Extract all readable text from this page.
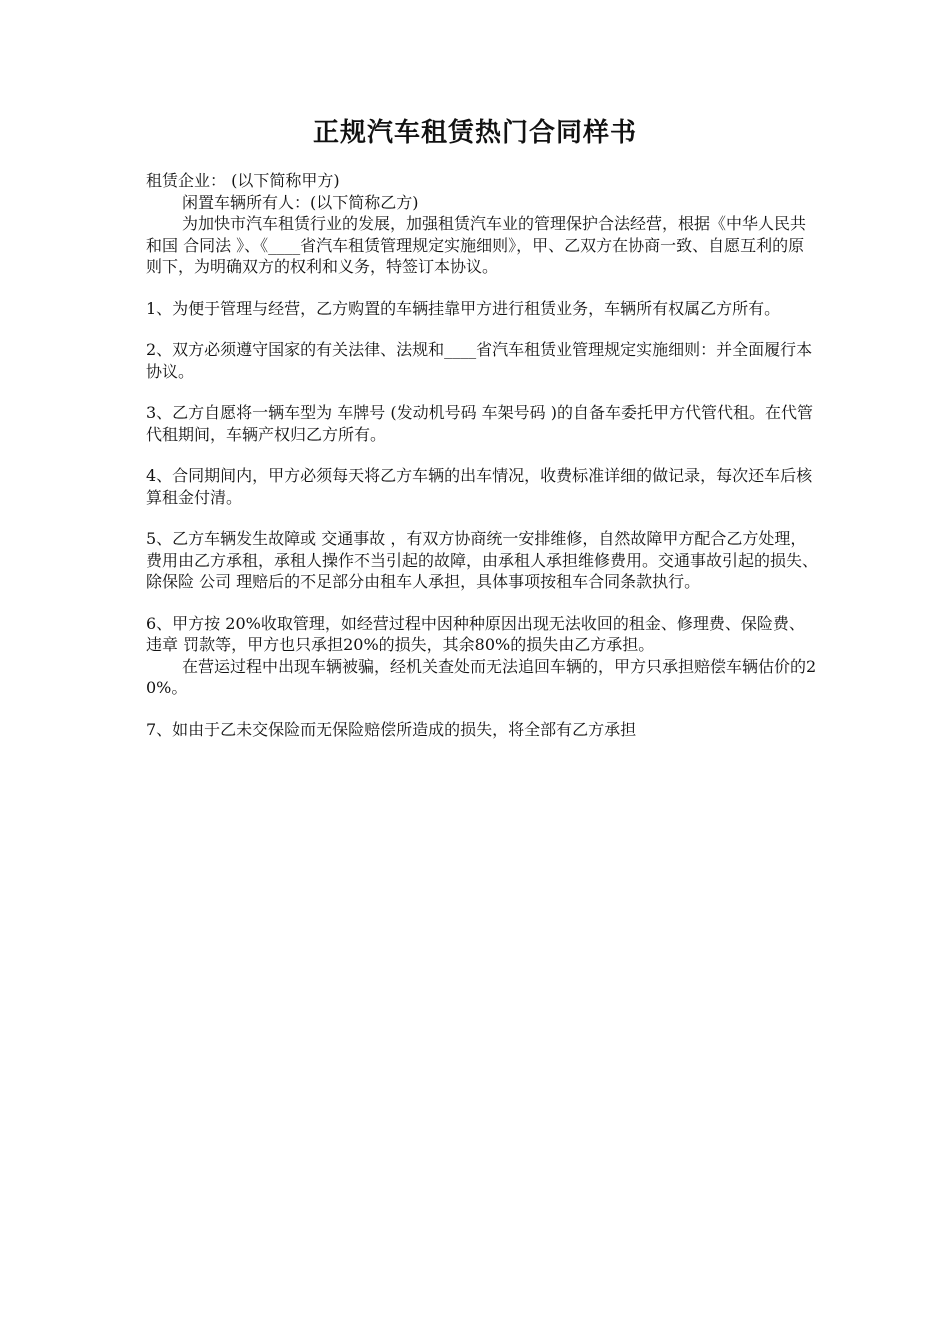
正规汽车租赁热门合同样书

租赁企业： (以下简称甲方)

闲置车辆所有人：(以下简称乙方)

为加快市汽车租赁行业的发展，加强租赁汽车业的管理保护合法经营，根据《中华人民共和国 合同法 》、《____省汽车租赁管理规定实施细则》，甲、乙双方在协商一致、自愿互利的原则下，为明确双方的权利和义务，特签订本协议。

1、为便于管理与经营，乙方购置的车辆挂靠甲方进行租赁业务，车辆所有权属乙方所有。

2、双方必须遵守国家的有关法律、法规和____省汽车租赁业管理规定实施细则：并全面履行本协议。

3、乙方自愿将一辆车型为 车牌号 (发动机号码 车架号码 )的自备车委托甲方代管代租。在代管代租期间，车辆产权归乙方所有。

4、合同期间内，甲方必须每天将乙方车辆的出车情况，收费标准详细的做记录，每次还车后核算租金付清。

5、乙方车辆发生故障或 交通事故 ，有双方协商统一安排维修，自然故障甲方配合乙方处理，费用由乙方承租，承租人操作不当引起的故障，由承租人承担维修费用。交通事故引起的损失、除保险 公司 理赔后的不足部分由租车人承担，具体事项按租车合同条款执行。

6、甲方按 20%收取管理，如经营过程中因种种原因出现无法收回的租金、修理费、保险费、 违章 罚款等，甲方也只承担20%的损失，其余80%的损失由乙方承担。

在营运过程中出现车辆被骗，经机关查处而无法追回车辆的，甲方只承担赔偿车辆估价的20%。

7、如由于乙未交保险而无保险赔偿所造成的损失，将全部有乙方承担
